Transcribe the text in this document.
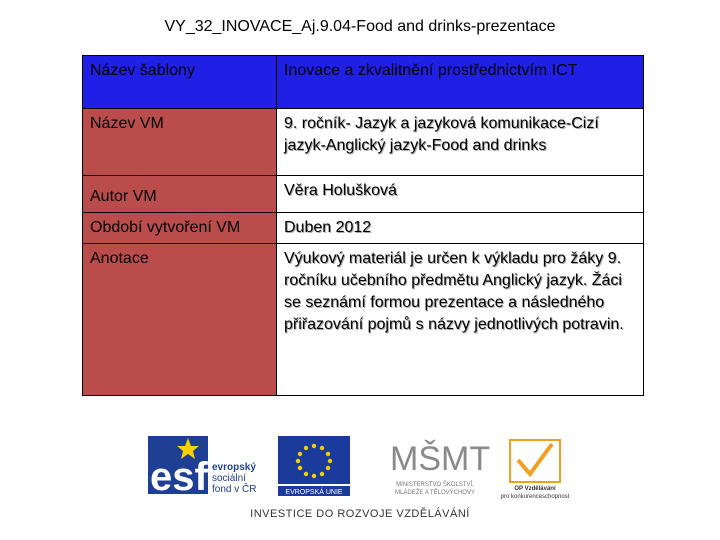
VY_32_INOVACE_Aj.9.04-Food and drinks-prezentace
Název šablony	Inovace a zkvalitnění prostřednictvím ICT
Název VM	9. ročník- Jazyk a jazyková komunikace-Cizí jazyk-Anglický jazyk-Food and drinks
Autor VM	Věra Holušková
Období vytvoření VM	Duben 2012
Anotace	Výukový materiál je určen k výkladu pro žáky 9. ročníku učebního předmětu Anglický jazyk. Žáci se seznámí formou prezentace a následného přiřazování pojmů s názvy jednotlivých potravin.
esf evropský
sociální
fond v ČR	EVROPSKÁ UNIE
MŠMT
MINISTERSTVO ŠKOLSTVÍ,
MLÁDEŽE A TĚLOVÝCHOVY
OP Vzdělávání
pro konkurenceschopnost
INVESTICE DO ROZVOJE VZDĚLÁVÁNÍ
